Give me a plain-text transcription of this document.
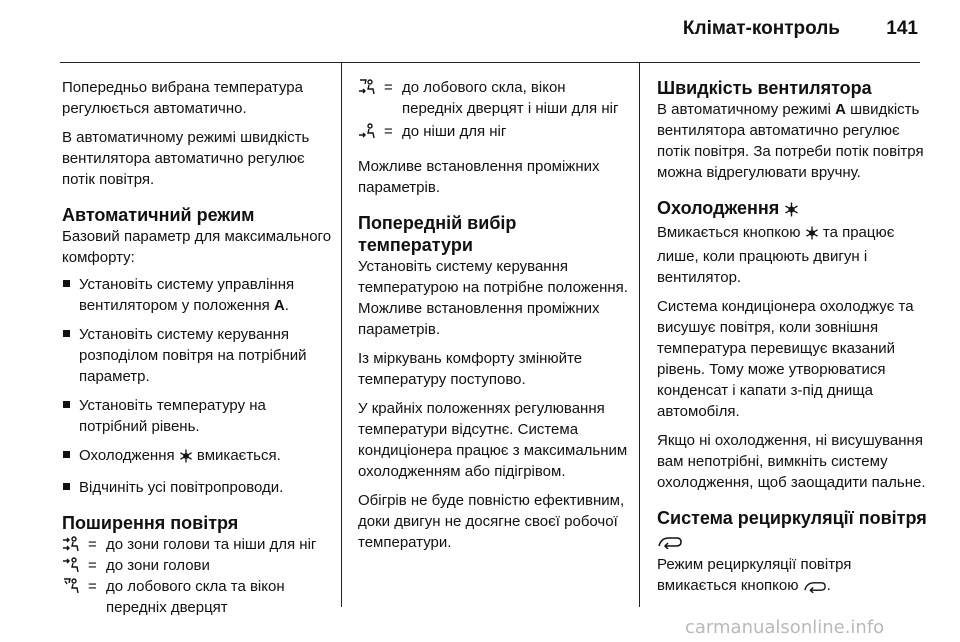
Клімат-контроль	141

Попередньо вибрана температура регулюється автоматично.

В автоматичному режимі швидкість вентилятора автоматично регулює потік повітря.

Автоматичний режим
Базовий параметр для максимального комфорту:
Установіть систему управління вентилятором у положення A.
Установіть систему керування розподілом повітря на потрібний параметр.
Установіть температуру на потрібний рівень.
Охолодження  вмикається.
Відчиніть усі повітропроводи.
Поширення повітря
= до зони голови та ніши для ніг
= до зони голови
= до лобового скла та вікон передніх дверцят
= до лобового скла, вікон передніх дверцят і ніши для ніг
= до ніши для ніг

Можливе встановлення проміжних параметрів.

Попередній вибір температури

Установіть систему керування температурою на потрібне положення. Можливе встановлення проміжних параметрів.

Із міркувань комфорту змінюйте температуру поступово.

У крайніх положеннях регулювання температури відсутнє. Система кондиціонера працює з максимальним охолодженням або підігрівом.

Обігрів не буде повністю ефективним, доки двигун не досягне своєї робочої температури.

Швидкість вентилятора

В автоматичному режимі A швидкість вентилятора автоматично регулює потік повітря. За потреби потік повітря можна відрегулювати вручну.

Охолодження

Вмикається кнопкою  та працює лише, коли працюють двигун і вентилятор.

Система кондиціонера охолоджує та висушує повітря, коли зовнішня температура перевищує вказаний рівень. Тому може утворюватися конденсат і капати з-під днища автомобіля.

Якщо ні охолодження, ні висушування вам непотрібні, вимкніть систему охолодження, щоб заощадити пальне.

Система рециркуляції повітря

Режим рециркуляції повітря вмикається кнопкою .

carmanualsonline.info
